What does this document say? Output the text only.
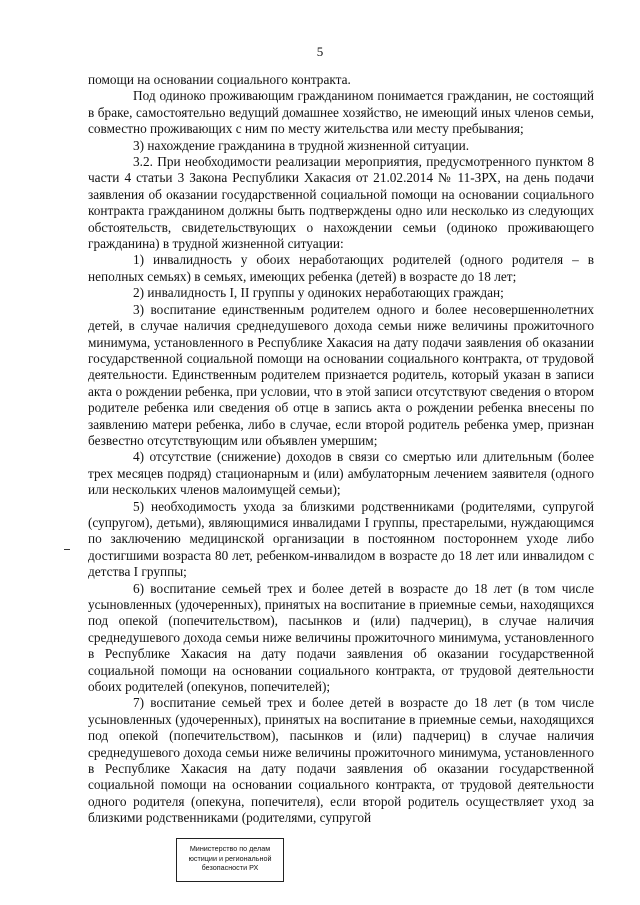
5

помощи на основании социального контракта.

Под одиноко проживающим гражданином понимается гражданин, не состоящий в браке, самостоятельно ведущий домашнее хозяйство, не имеющий иных членов семьи, совместно проживающих с ним по месту жительства или месту пребывания;

3) нахождение гражданина в трудной жизненной ситуации.

3.2. При необходимости реализации мероприятия, предусмотренного пунктом 8 части 4 статьи 3 Закона Республики Хакасия от 21.02.2014 № 11-ЗРХ, на день подачи заявления об оказании государственной социальной помощи на основании социального контракта гражданином должны быть подтверждены одно или несколько из следующих обстоятельств, свидетельствующих о нахождении семьи (одиноко проживающего гражданина) в трудной жизненной ситуации:

1) инвалидность у обоих неработающих родителей (одного родителя – в неполных семьях) в семьях, имеющих ребенка (детей) в возрасте до 18 лет;

2) инвалидность I, II группы у одиноких неработающих граждан;

3) воспитание единственным родителем одного и более несовершеннолетних детей, в случае наличия среднедушевого дохода семьи ниже величины прожиточного минимума, установленного в Республике Хакасия на дату подачи заявления об оказании государственной социальной помощи на основании социального контракта, от трудовой деятельности. Единственным родителем признается родитель, который указан в записи акта о рождении ребенка, при условии, что в этой записи отсутствуют сведения о втором родителе ребенка или сведения об отце в запись акта о рождении ребенка внесены по заявлению матери ребенка, либо в случае, если второй родитель ребенка умер, признан безвестно отсутствующим или объявлен умершим;

4) отсутствие (снижение) доходов в связи со смертью или длительным (более трех месяцев подряд) стационарным и (или) амбулаторным лечением заявителя (одного или нескольких членов малоимущей семьи);

5) необходимость ухода за близкими родственниками (родителями, супругой (супругом), детьми), являющимися инвалидами I группы, престарелыми, нуждающимся по заключению медицинской организации в постоянном постороннем уходе либо достигшими возраста 80 лет, ребенком-инвалидом в возрасте до 18 лет или инвалидом с детства I группы;

6) воспитание семьей трех и более детей в возрасте до 18 лет (в том числе усыновленных (удочеренных), принятых на воспитание в приемные семьи, находящихся под опекой (попечительством), пасынков и (или) падчериц), в случае наличия среднедушевого дохода семьи ниже величины прожиточного минимума, установленного в Республике Хакасия на дату подачи заявления об оказании государственной социальной помощи на основании социального контракта, от трудовой деятельности обоих родителей (опекунов, попечителей);

7) воспитание семьей трех и более детей в возрасте до 18 лет (в том числе усыновленных (удочеренных), принятых на воспитание в приемные семьи, находящихся под опекой (попечительством), пасынков и (или) падчериц) в случае наличия среднедушевого дохода семьи ниже величины прожиточного минимума, установленного в Республике Хакасия на дату подачи заявления об оказании государственной социальной помощи на основании социального контракта, от трудовой деятельности одного родителя (опекуна, попечителя), если второй родитель осуществляет уход за близкими родственниками (родителями, супругой

Министерство по делам
юстиции и региональной
безопасности РХ
